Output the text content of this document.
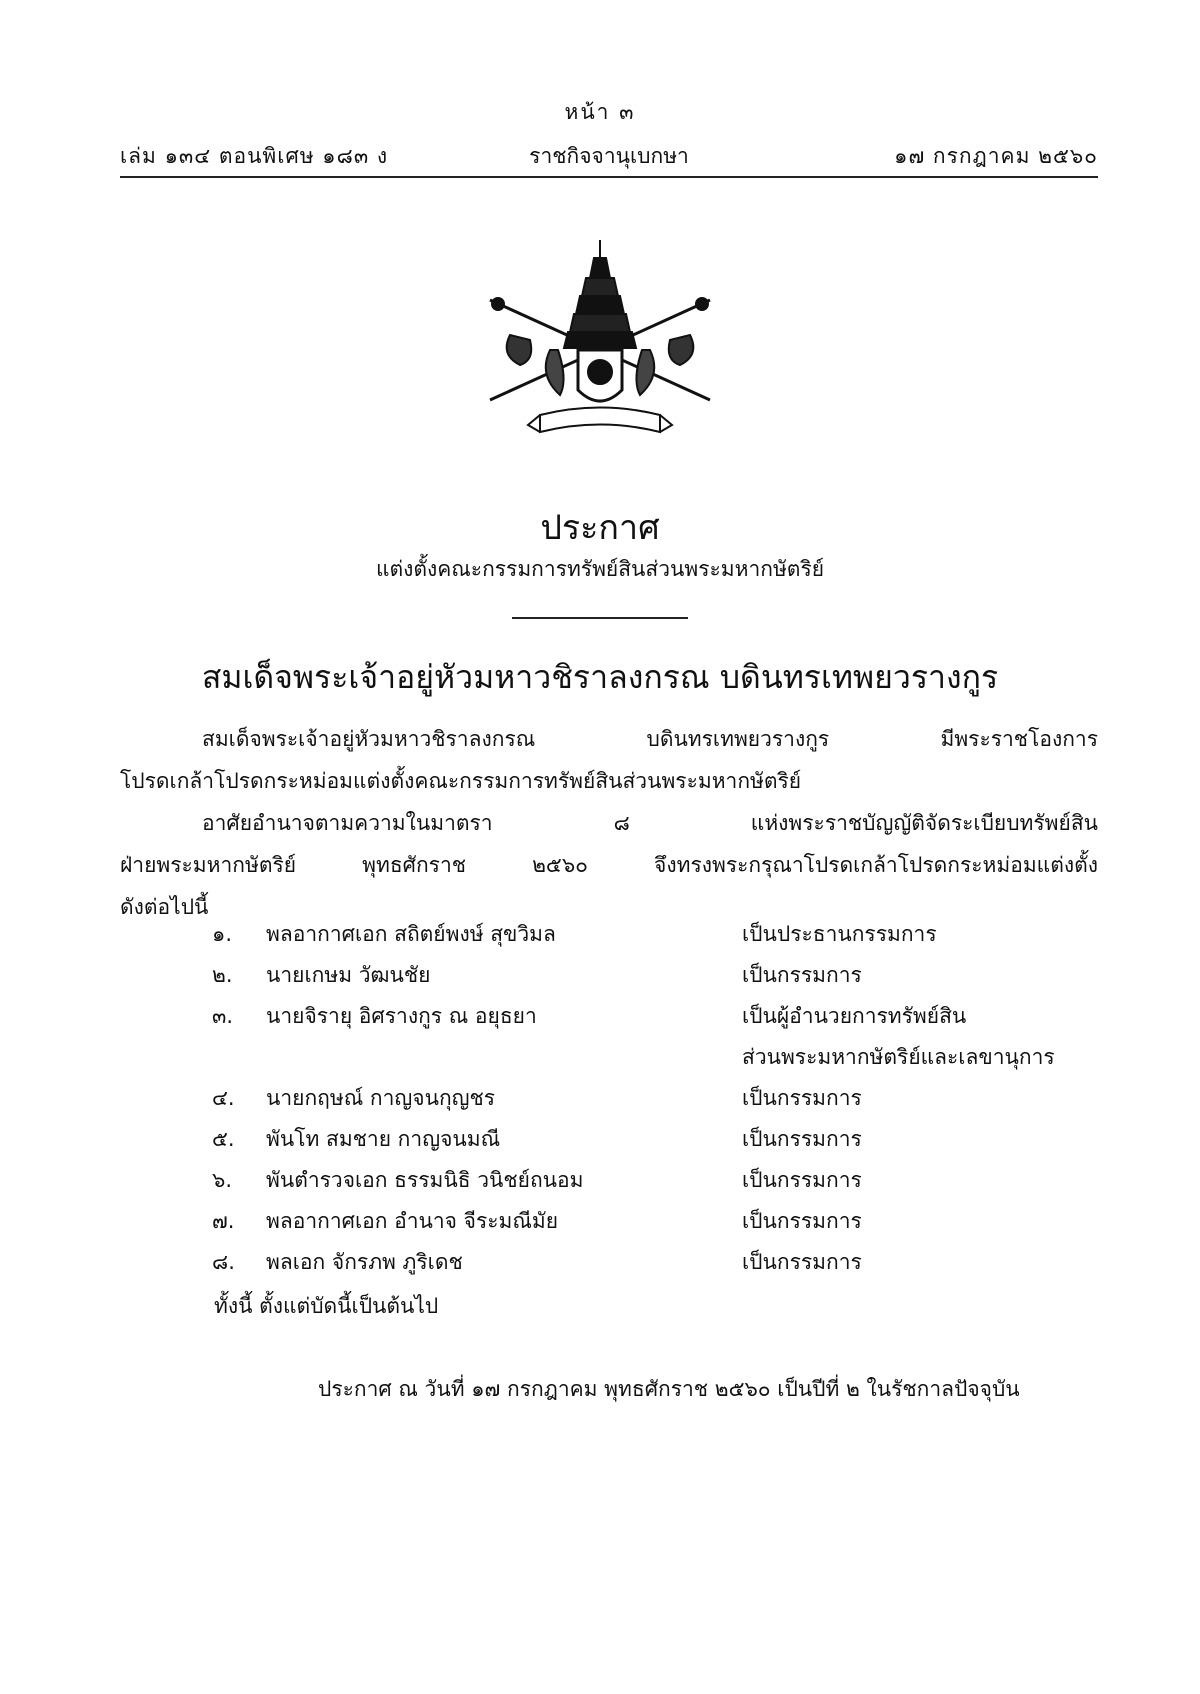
หน้า ๓
เล่ม ๑๓๔ ตอนพิเศษ ๑๘๓ ง	ราชกิจจานุเบกษา	๑๗ กรกฎาคม ๒๕๖๐
ประกาศ
แต่งตั้งคณะกรรมการทรัพย์สินส่วนพระมหากษัตริย์
สมเด็จพระเจ้าอยู่หัวมหาวชิราลงกรณ บดินทรเทพยวรางกูร
สมเด็จพระเจ้าอยู่หัวมหาวชิราลงกรณ บดินทรเทพยวรางกูร มีพระราชโองการ
โปรดเกล้าโปรดกระหม่อมแต่งตั้งคณะกรรมการทรัพย์สินส่วนพระมหากษัตริย์
อาศัยอำนาจตามความในมาตรา ๘ แห่งพระราชบัญญัติจัดระเบียบทรัพย์สิน
ฝ่ายพระมหากษัตริย์ พุทธศักราช ๒๕๖๐ จึงทรงพระกรุณาโปรดเกล้าโปรดกระหม่อมแต่งตั้ง
ดังต่อไปนี้
๑. พลอากาศเอก สถิตย์พงษ์ สุขวิมล	เป็นประธานกรรมการ
๒. นายเกษม วัฒนชัย	เป็นกรรมการ
๓. นายจิรายุ อิศรางกูร ณ อยุธยา	เป็นผู้อำนวยการทรัพย์สิน
ส่วนพระมหากษัตริย์และเลขานุการ
๔. นายกฤษณ์ กาญจนกุญชร	เป็นกรรมการ
๕. พันโท สมชาย กาญจนมณี	เป็นกรรมการ
๖. พันตำรวจเอก ธรรมนิธิ วนิชย์ถนอม	เป็นกรรมการ
๗. พลอากาศเอก อำนาจ จีระมณีมัย	เป็นกรรมการ
๘. พลเอก จักรภพ ภูริเดช	เป็นกรรมการ
ทั้งนี้ ตั้งแต่บัดนี้เป็นต้นไป
ประกาศ ณ วันที่ ๑๗ กรกฎาคม พุทธศักราช ๒๕๖๐ เป็นปีที่ ๒ ในรัชกาลปัจจุบัน
